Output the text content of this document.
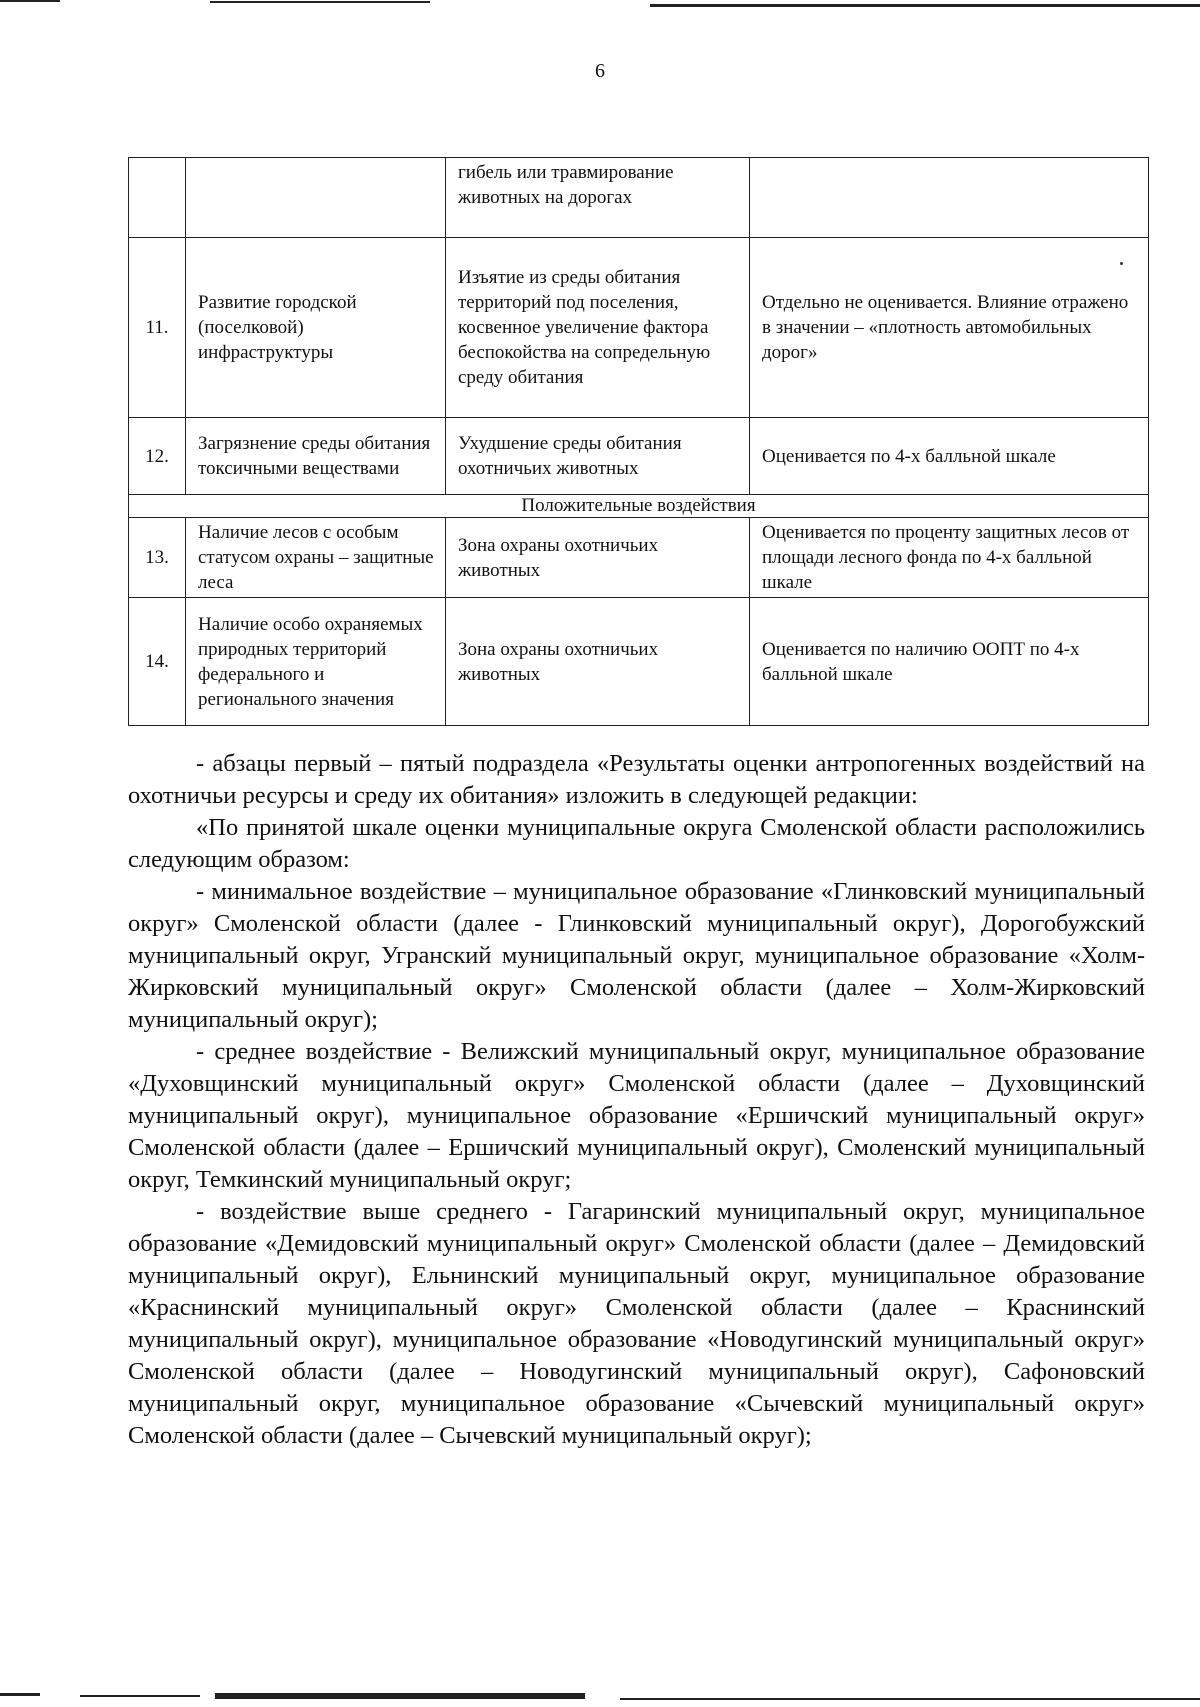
6
		гибель или травмирование животных на дорогах	
11.	Развитие городской (поселковой) инфраструктуры	Изъятие из среды обитания территорий под поселения, косвенное увеличение фактора беспокойства на сопредельную среду обитания	Отдельно не оценивается. Влияние отражено в значении – «плотность автомобильных дорог»
12.	Загрязнение среды обитания токсичными веществами	Ухудшение среды обитания охотничьих животных	Оценивается по 4-х балльной шкале
Положительные воздействия			
13.	Наличие лесов с особым статусом охраны – защитные леса	Зона охраны охотничьих животных	Оценивается по проценту защитных лесов от площади лесного фонда по 4-х балльной шкале
14.	Наличие особо охраняемых природных территорий федерального и регионального значения	Зона охраны охотничьих животных	Оценивается по наличию ООПТ по 4-х балльной шкале

- абзацы первый – пятый подраздела «Результаты оценки антропогенных воздействий на охотничьи ресурсы и среду их обитания» изложить в следующей редакции:

«По принятой шкале оценки муниципальные округа Смоленской области расположились следующим образом:

- минимальное воздействие – муниципальное образование «Глинковский муниципальный округ» Смоленской области (далее - Глинковский муниципальный округ), Дорогобужский муниципальный округ, Угранский муниципальный округ, муниципальное образование «Холм-Жирковский муниципальный округ» Смоленской области (далее – Холм-Жирковский муниципальный округ);

- среднее воздействие - Велижский муниципальный округ, муниципальное образование «Духовщинский муниципальный округ» Смоленской области (далее – Духовщинский муниципальный округ), муниципальное образование «Ершичский муниципальный округ» Смоленской области (далее – Ершичский муниципальный округ), Смоленский муниципальный округ, Темкинский муниципальный округ;

- воздействие выше среднего - Гагаринский муниципальный округ, муниципальное образование «Демидовский муниципальный округ» Смоленской области (далее – Демидовский муниципальный округ), Ельнинский муниципальный округ, муниципальное образование «Краснинский муниципальный округ» Смоленской области (далее – Краснинский муниципальный округ), муниципальное образование «Новодугинский муниципальный округ» Смоленской области (далее – Новодугинский муниципальный округ), Сафоновский муниципальный округ, муниципальное образование «Сычевский муниципальный округ» Смоленской области (далее – Сычевский муниципальный округ);
